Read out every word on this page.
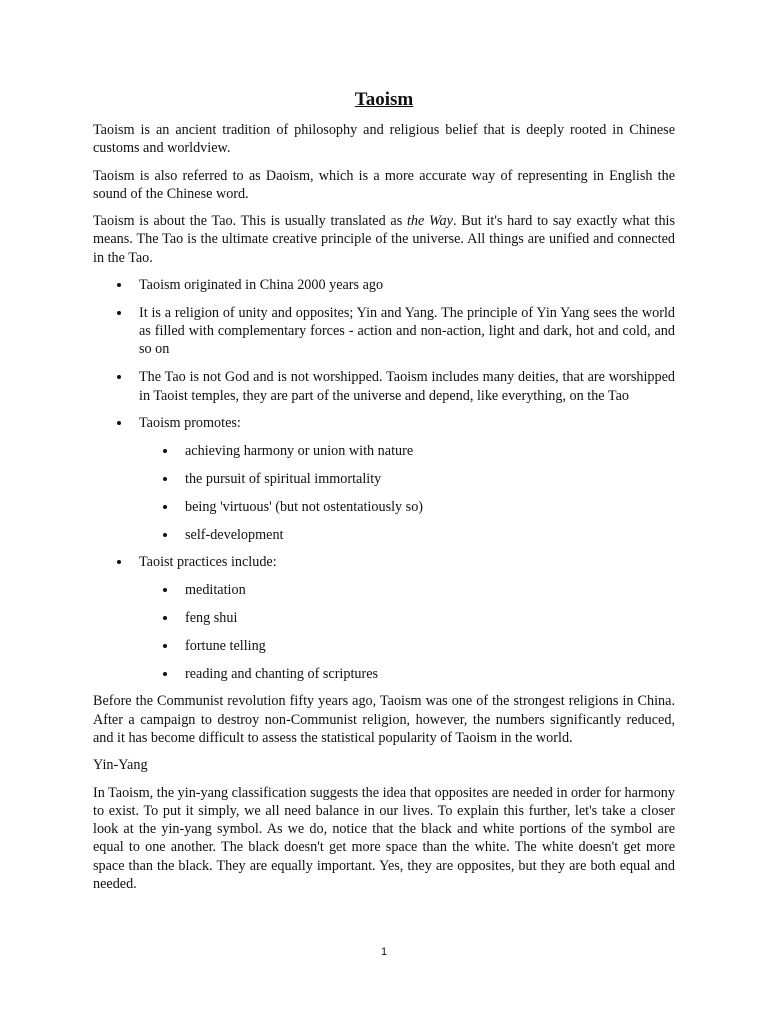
Taoism

Taoism is an ancient tradition of philosophy and religious belief that is deeply rooted in Chinese customs and worldview.

Taoism is also referred to as Daoism, which is a more accurate way of representing in English the sound of the Chinese word.

Taoism is about the Tao. This is usually translated as the Way. But it's hard to say exactly what this means. The Tao is the ultimate creative principle of the universe. All things are unified and connected in the Tao.

Taoism originated in China 2000 years ago
It is a religion of unity and opposites; Yin and Yang. The principle of Yin Yang sees the world as filled with complementary forces - action and non-action, light and dark, hot and cold, and so on
The Tao is not God and is not worshipped. Taoism includes many deities, that are worshipped in Taoist temples, they are part of the universe and depend, like everything, on the Tao
Taoism promotes:
achieving harmony or union with nature
the pursuit of spiritual immortality
being 'virtuous' (but not ostentatiously so)
self-development
Taoist practices include:
meditation
feng shui
fortune telling
reading and chanting of scriptures

Before the Communist revolution fifty years ago, Taoism was one of the strongest religions in China. After a campaign to destroy non-Communist religion, however, the numbers significantly reduced, and it has become difficult to assess the statistical popularity of Taoism in the world.

Yin-Yang

In Taoism, the yin-yang classification suggests the idea that opposites are needed in order for harmony to exist. To put it simply, we all need balance in our lives. To explain this further, let's take a closer look at the yin-yang symbol. As we do, notice that the black and white portions of the symbol are equal to one another. The black doesn't get more space than the white. The white doesn't get more space than the black. They are equally important. Yes, they are opposites, but they are both equal and needed.

1
